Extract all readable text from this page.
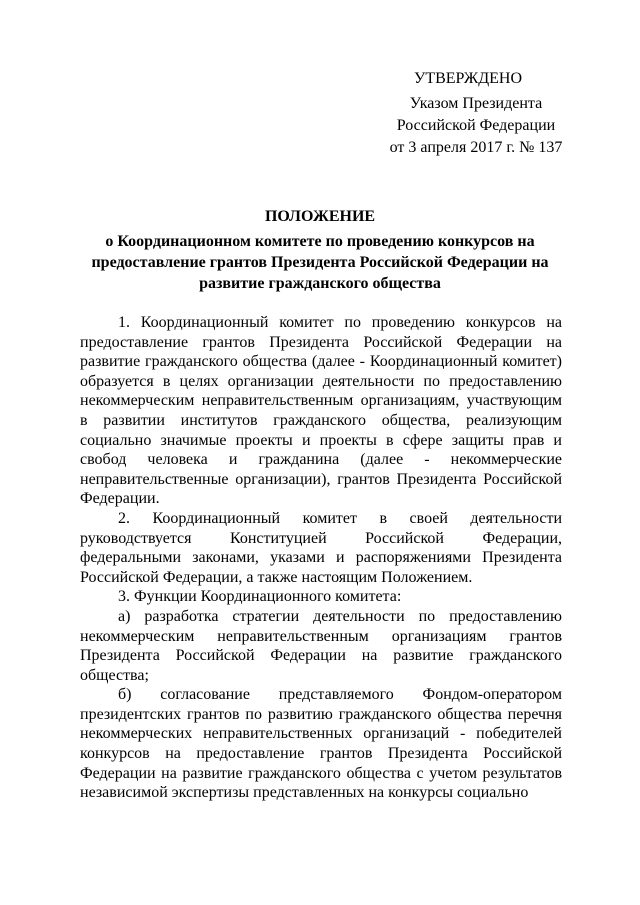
УТВЕРЖДЕНО
Указом Президента
Российской Федерации
от 3 апреля 2017 г. № 137
ПОЛОЖЕНИЕ
о Координационном комитете по проведению конкурсов на предоставление грантов Президента Российской Федерации на развитие гражданского общества

1. Координационный комитет по проведению конкурсов на предоставление грантов Президента Российской Федерации на развитие гражданского общества (далее - Координационный комитет) образуется в целях организации деятельности по предоставлению некоммерческим неправительственным организациям, участвующим в развитии институтов гражданского общества, реализующим социально значимые проекты и проекты в сфере защиты прав и свобод человека и гражданина (далее - некоммерческие неправительственные организации), грантов Президента Российской Федерации.

2. Координационный комитет в своей деятельности руководствуется Конституцией Российской Федерации, федеральными законами, указами и распоряжениями Президента Российской Федерации, а также настоящим Положением.

3. Функции Координационного комитета:

а) разработка стратегии деятельности по предоставлению некоммерческим неправительственным организациям грантов Президента Российской Федерации на развитие гражданского общества;

б) согласование представляемого Фондом-оператором президентских грантов по развитию гражданского общества перечня некоммерческих неправительственных организаций - победителей конкурсов на предоставление грантов Президента Российской Федерации на развитие гражданского общества с учетом результатов независимой экспертизы представленных на конкурсы социально
